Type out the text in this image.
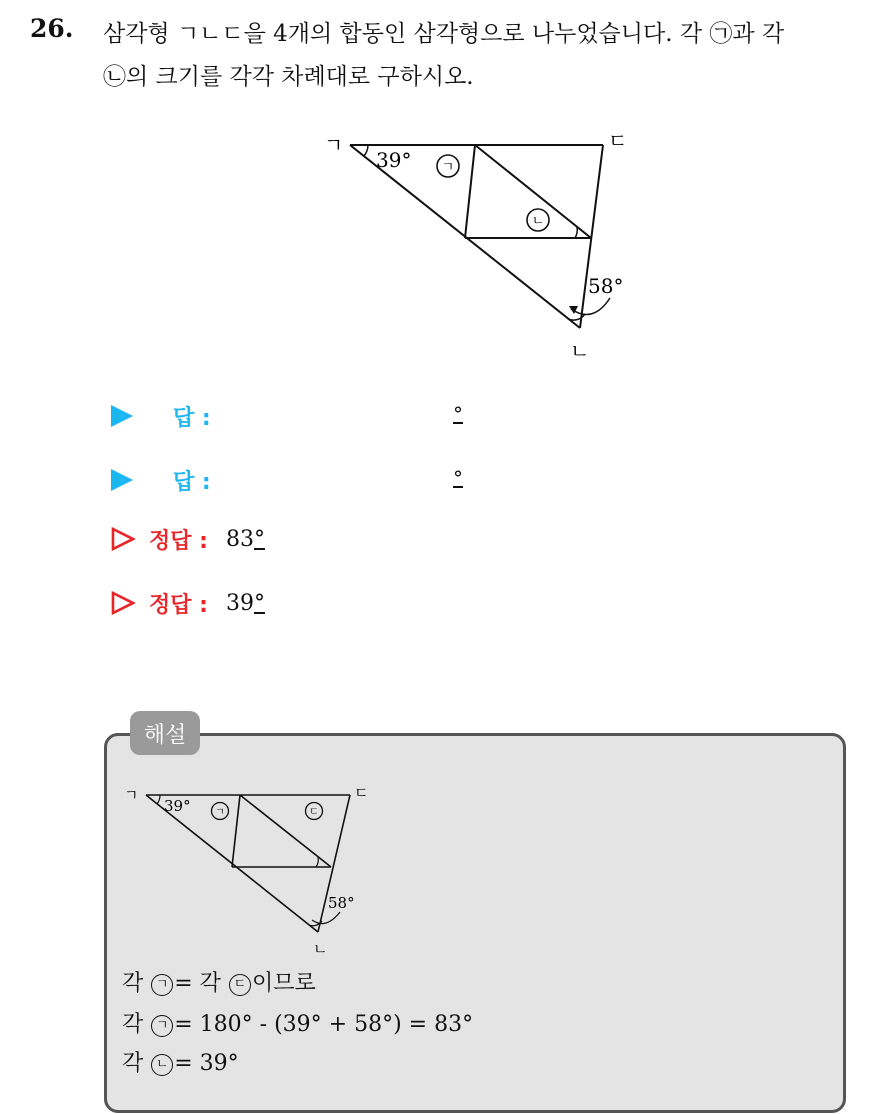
26. 삼각형 ㄱㄴㄷ을 4개의 합동인 삼각형으로 나누었습니다. 각 ㉠과 각
㉡의 크기를 각각 차례대로 구하시오.
ㄱ	ㄷ
ㄴ
39°
58°
ㄱ
ㄴ
답 :	°
답 :	°
정답 : 83°
정답 : 39°
해설
ㄱ	ㄷ
ㄴ
39°
58°
ㄱ	ㄷ
각 ㄱ = 각 ㄷ 이므로
각 ㄱ = 180° - (39° + 58°) = 83°
각 ㄴ = 39°
